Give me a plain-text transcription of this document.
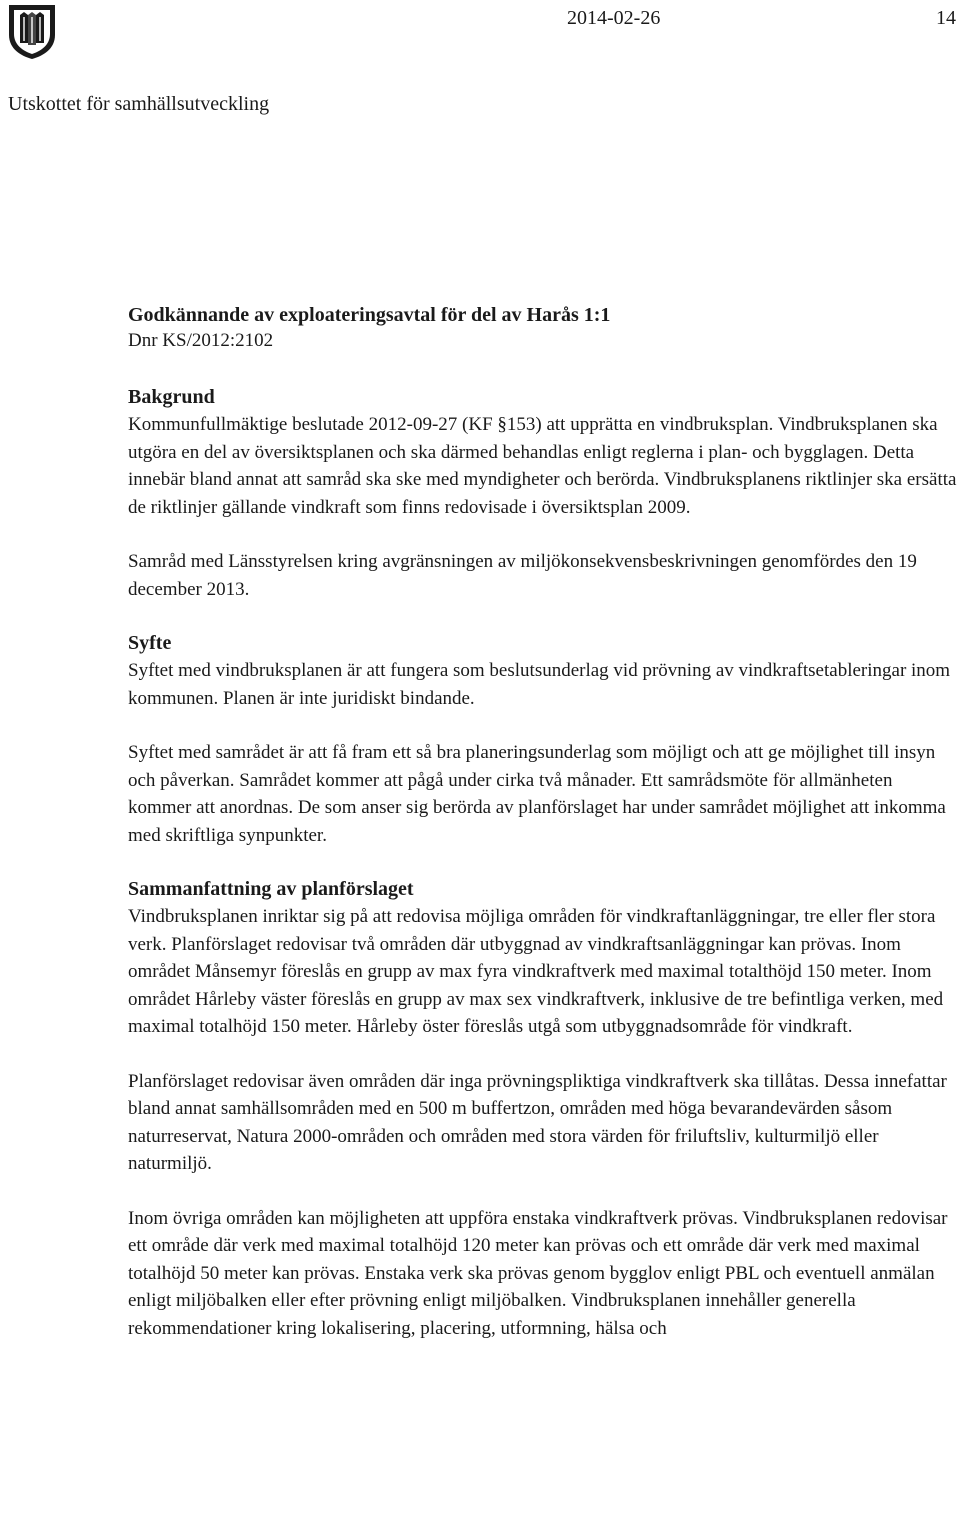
2014-02-26	14
Utskottet för samhällsutveckling

Godkännande av exploateringsavtal för del av Harås 1:1

Dnr KS/2012:2102

Bakgrund

Kommunfullmäktige beslutade 2012-09-27 (KF §153) att upprätta en vindbruksplan. Vindbruksplanen ska utgöra en del av översiktsplanen och ska därmed behandlas enligt reglerna i plan- och bygglagen. Detta innebär bland annat att samråd ska ske med myndigheter och berörda. Vindbruksplanens riktlinjer ska ersätta de riktlinjer gällande vindkraft som finns redovisade i översiktsplan 2009.

Samråd med Länsstyrelsen kring avgränsningen av miljökonsekvensbeskrivningen genomfördes den 19 december 2013.

Syfte

Syftet med vindbruksplanen är att fungera som beslutsunderlag vid prövning av vindkraftsetableringar inom kommunen. Planen är inte juridiskt bindande.

Syftet med samrådet är att få fram ett så bra planeringsunderlag som möjligt och att ge möjlighet till insyn och påverkan. Samrådet kommer att pågå under cirka två månader. Ett samrådsmöte för allmänheten kommer att anordnas. De som anser sig berörda av planförslaget har under samrådet möjlighet att inkomma med skriftliga synpunkter.

Sammanfattning av planförslaget

Vindbruksplanen inriktar sig på att redovisa möjliga områden för vindkraftanläggningar, tre eller fler stora verk. Planförslaget redovisar två områden där utbyggnad av vindkraftsanläggningar kan prövas. Inom området Månsemyr föreslås en grupp av max fyra vindkraftverk med maximal totalthöjd 150 meter. Inom området Hårleby väster föreslås en grupp av max sex vindkraftverk, inklusive de tre befintliga verken, med maximal totalhöjd 150 meter. Hårleby öster föreslås utgå som utbyggnadsområde för vindkraft.

Planförslaget redovisar även områden där inga prövningspliktiga vindkraftverk ska tillåtas. Dessa innefattar bland annat samhällsområden med en 500 m buffertzon, områden med höga bevarandevärden såsom naturreservat, Natura 2000-områden och områden med stora värden för friluftsliv, kulturmiljö eller naturmiljö.

Inom övriga områden kan möjligheten att uppföra enstaka vindkraftverk prövas. Vindbruksplanen redovisar ett område där verk med maximal totalhöjd 120 meter kan prövas och ett område där verk med maximal totalhöjd 50 meter kan prövas. Enstaka verk ska prövas genom bygglov enligt PBL och eventuell anmälan enligt miljöbalken eller efter prövning enligt miljöbalken. Vindbruksplanen innehåller generella rekommendationer kring lokalisering, placering, utformning, hälsa och
